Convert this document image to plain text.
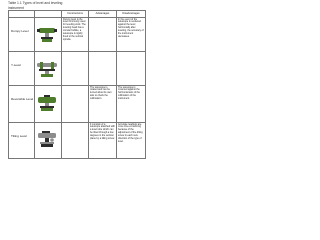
Table 1.1 Types of level and leveling
instrument
		Constructions	Advantages	Disadvantages

Dumpy Level		Dumpy level is the level commonly used for leveling work. The leveling head has a circular bubble, a telescope is rigidly fixed to the vertical spindle.		In the event of the telescope is rendered against the level horizontally after leveling, the accuracy of the instrument decreases.

Y-Level

Reversible Level			The telescope is rotated and can be turned about its own axis to check the collimation.	The telescope is mounted against the horizontal axis of the collimation of the instrument.

Tilting Level			It consists of a telescope attached with a level tube which can be tilted through a few degrees in the vertical plane by a tilting screw.	Accurate readings are more time-consuming because of the adjustment of the tilting screw in each new direction of the type of level.
